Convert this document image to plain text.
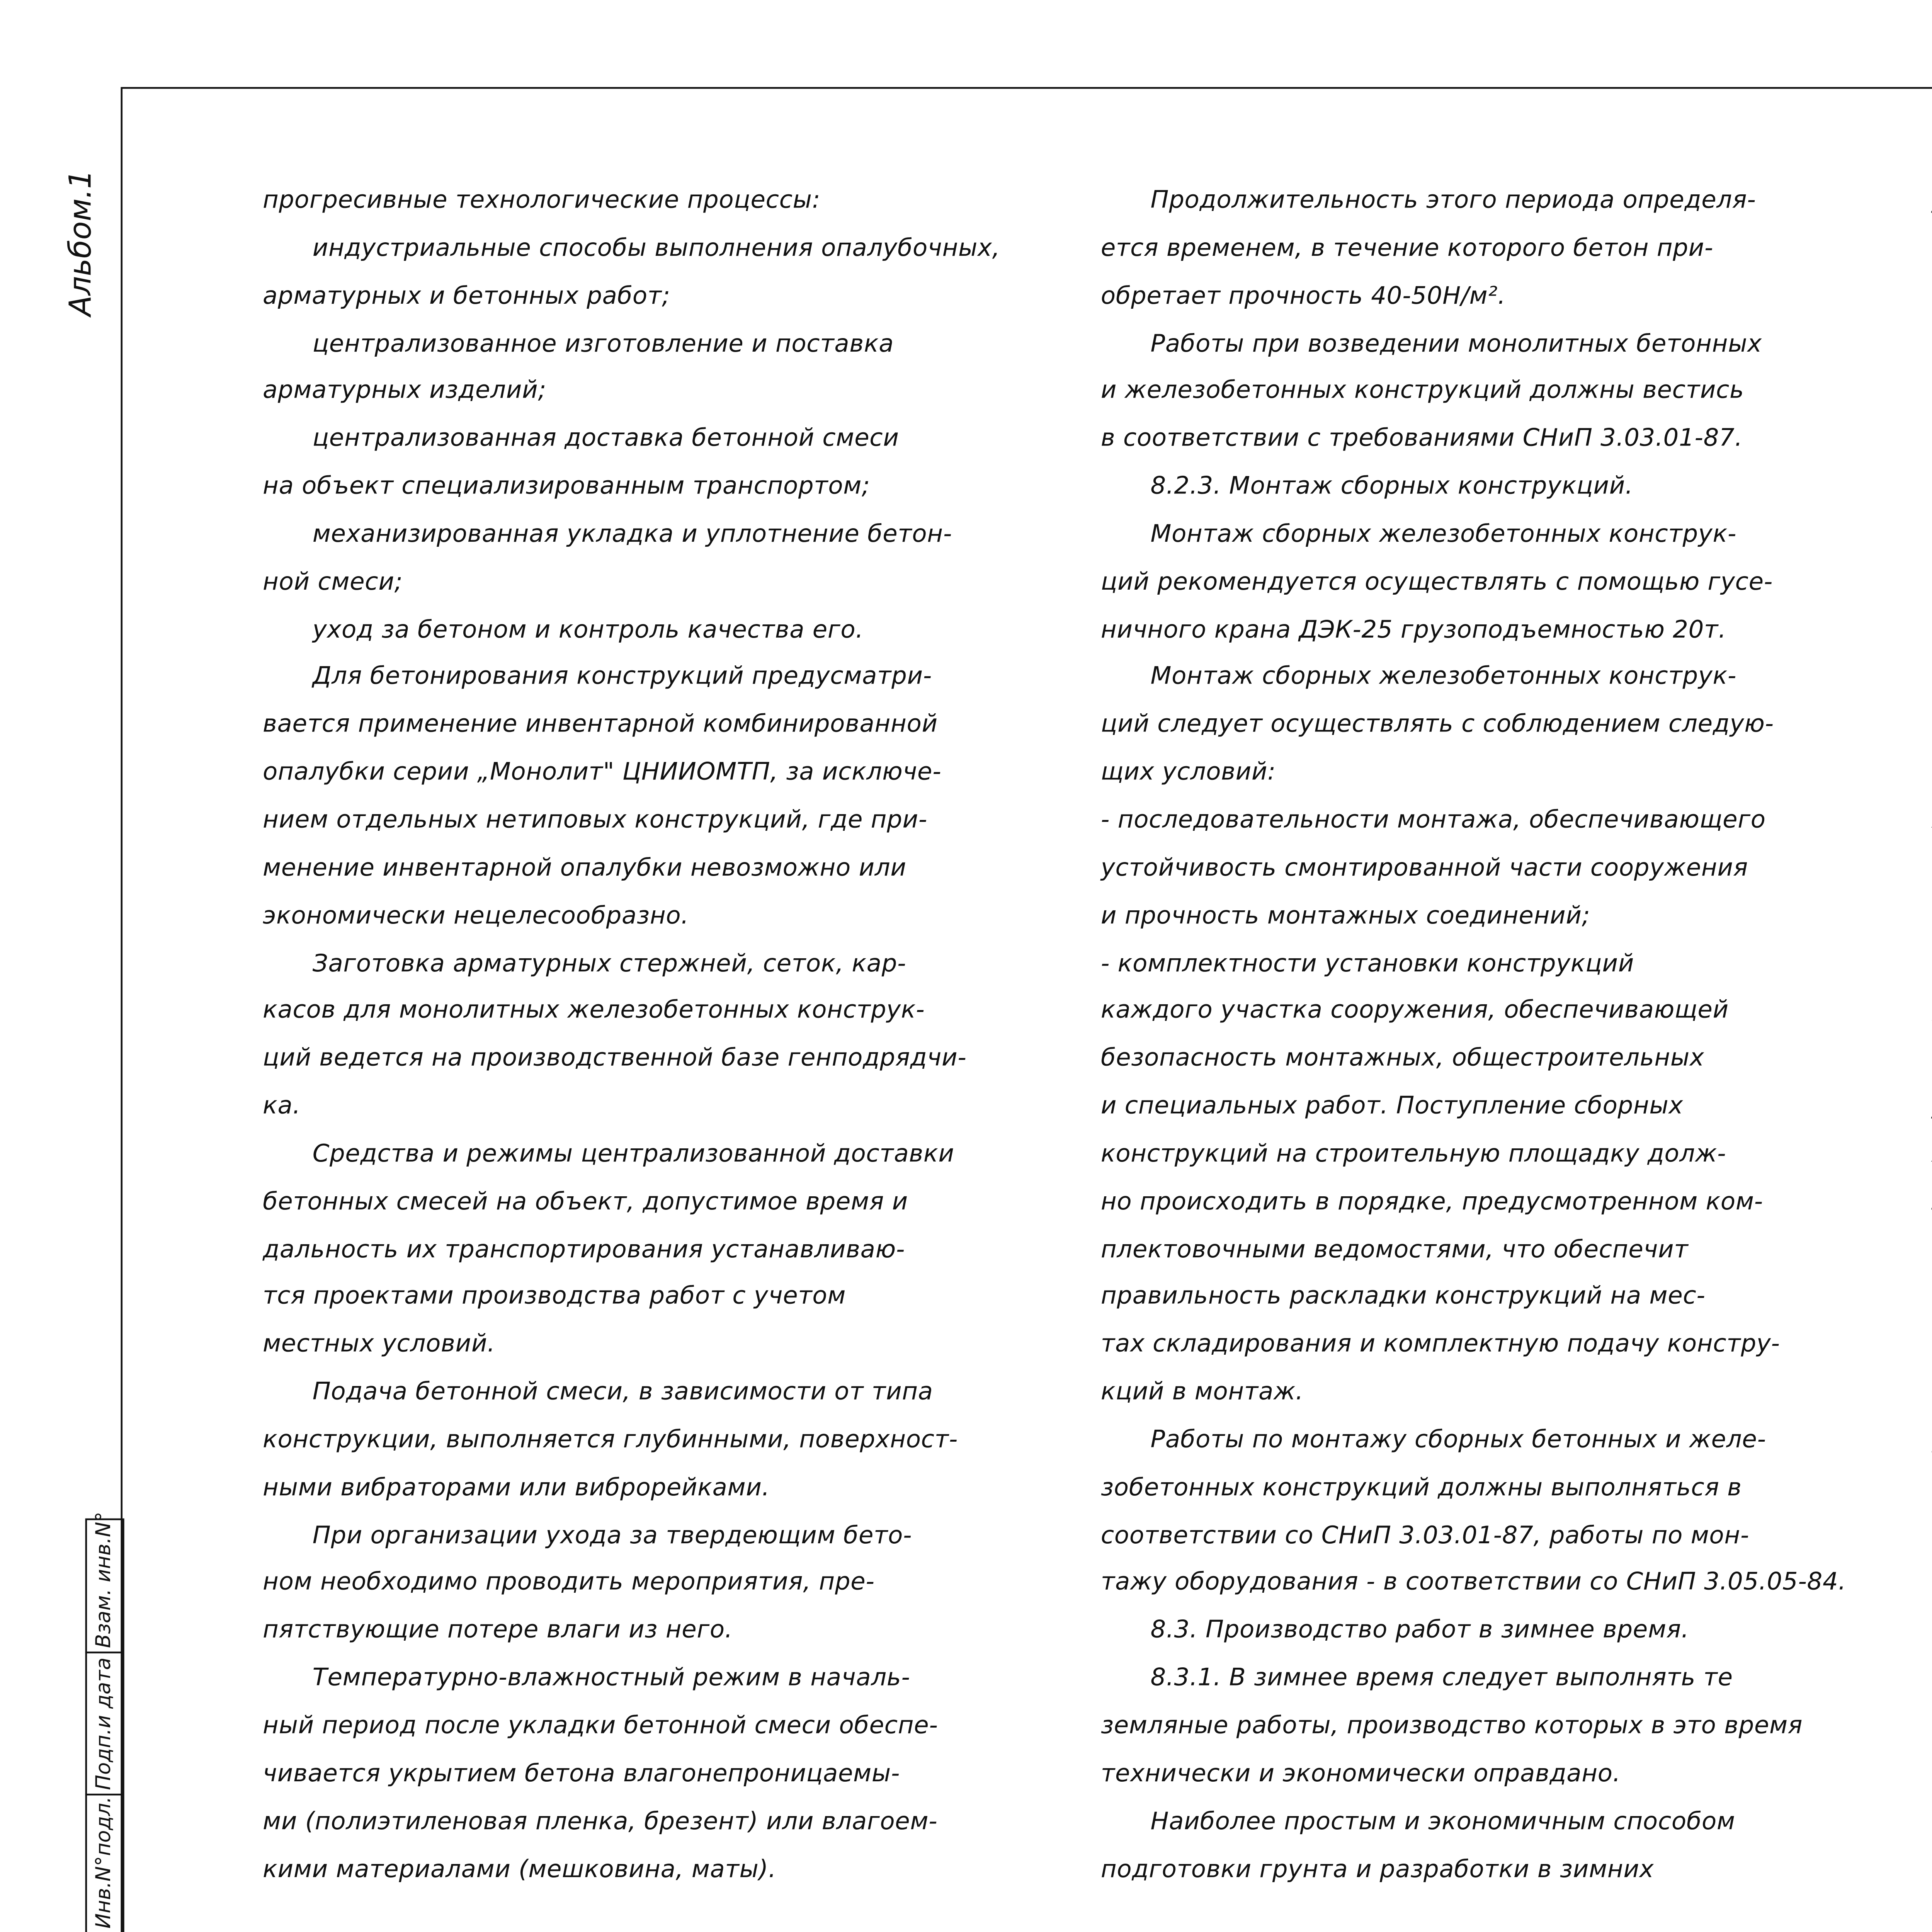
Альбом.1
Инв.N°подл.
Подп.и дата
Взам. инв.N°
прогресивные технологические процессы:
индустриальные способы выполнения опалубочных,
арматурных и бетонных работ;
централизованное изготовление и поставка
арматурных изделий;
централизованная доставка бетонной смеси
на объект специализированным транспортом;
механизированная укладка и уплотнение бетон-
ной смеси;
уход за бетоном и контроль качества его.
Для бетонирования конструкций предусматри-
вается применение инвентарной комбинированной
опалубки серии „Монолит" ЦНИИОМТП, за исключе-
нием отдельных нетиповых конструкций, где при-
менение инвентарной опалубки невозможно или
экономически нецелесообразно.
Заготовка арматурных стержней, сеток, кар-
касов для монолитных железобетонных конструк-
ций ведется на производственной базе генподрядчи-
ка.
Средства и режимы централизованной доставки
бетонных смесей на объект, допустимое время и
дальность их транспортирования устанавливаю-
тся проектами производства работ с учетом
местных условий.
Подача бетонной смеси, в зависимости от типа
конструкции, выполняется глубинными, поверхност-
ными вибраторами или виброрейками.
При организации ухода за твердеющим бето-
ном необходимо проводить мероприятия, пре-
пятствующие потере влаги из него.
Температурно-влажностный режим в началь-
ный период после укладки бетонной смеси обеспе-
чивается укрытием бетона влагонепроницаемы-
ми (полиэтиленовая пленка, брезент) или влагоем-
кими материалами (мешковина, маты).
Продолжительность этого периода определя-
ется временем, в течение которого бетон при-
обретает прочность 40-50Н/м².
Работы при возведении монолитных бетонных
и железобетонных конструкций должны вестись
в соответствии с требованиями СНиП 3.03.01-87.
8.2.3. Монтаж сборных конструкций.
Монтаж сборных железобетонных конструк-
ций рекомендуется осуществлять с помощью гусе-
ничного крана ДЭК-25 грузоподъемностью 20т.
Монтаж сборных железобетонных конструк-
ций следует осуществлять с соблюдением следую-
щих условий:
- последовательности монтажа, обеспечивающего
устойчивость смонтированной части сооружения
и прочность монтажных соединений;
- комплектности установки конструкций
каждого участка сооружения, обеспечивающей
безопасность монтажных, общестроительных
и специальных работ. Поступление сборных
конструкций на строительную площадку долж-
но происходить в порядке, предусмотренном ком-
плектовочными ведомостями, что обеспечит
правильность раскладки конструкций на мес-
тах складирования и комплектную подачу констру-
кций в монтаж.
Работы по монтажу сборных бетонных и желе-
зобетонных конструкций должны выполняться в
соответствии со СНиП 3.03.01-87, работы по мон-
тажу оборудования - в соответствии со СНиП 3.05.05-84.
8.3. Производство работ в зимнее время.
8.3.1. В зимнее время следует выполнять те
земляные работы, производство которых в это время
технически и экономически оправдано.
Наиболее простым и экономичным способом
подготовки грунта и разработки в зимних
